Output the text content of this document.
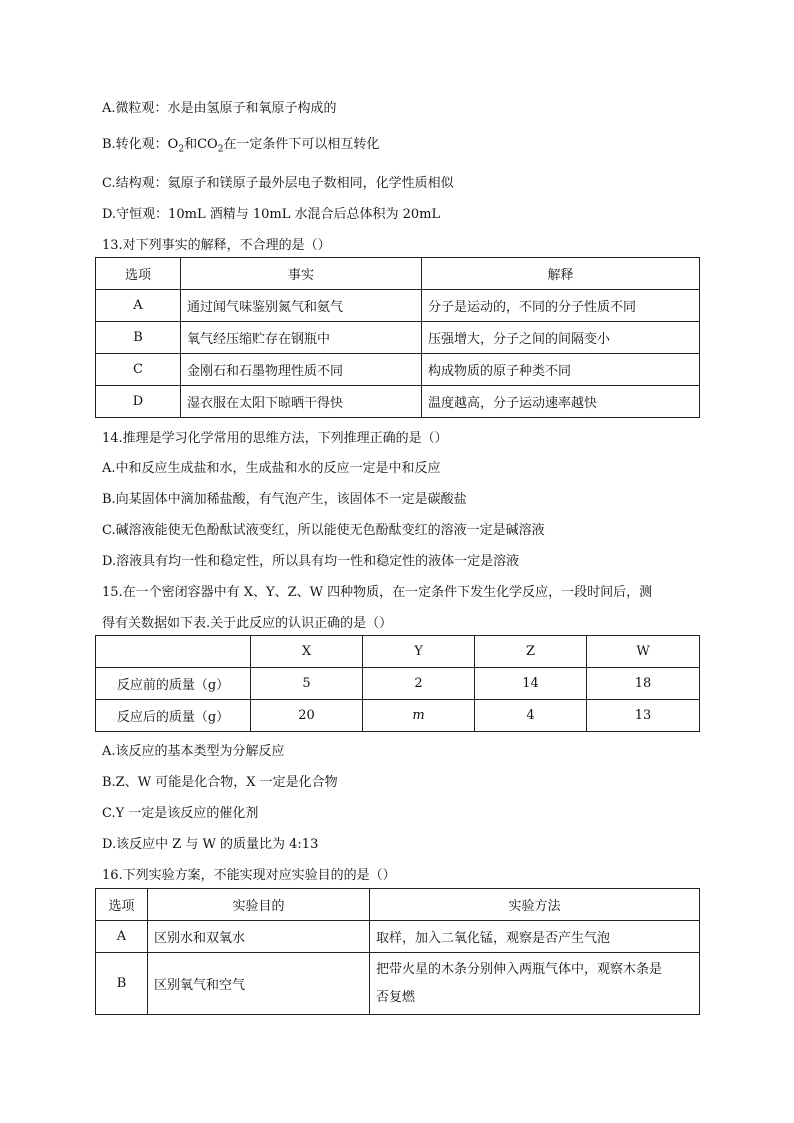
A.微粒观：水是由氢原子和氧原子构成的
B.转化观：$O_2$和$CO_2$在一定条件下可以相互转化
C.结构观：氦原子和镁原子最外层电子数相同，化学性质相似
D.守恒观：10mL 酒精与 10mL 水混合后总体积为 20mL
13.对下列事实的解释，不合理的是（）
选项	事实	解释
A	通过闻气味鉴别氮气和氨气	分子是运动的，不同的分子性质不同
B	氧气经压缩贮存在钢瓶中	压强增大，分子之间的间隔变小
C	金刚石和石墨物理性质不同	构成物质的原子种类不同
D	湿衣服在太阳下晾晒干得快	温度越高，分子运动速率越快
14.推理是学习化学常用的思维方法，下列推理正确的是（）
A.中和反应生成盐和水，生成盐和水的反应一定是中和反应
B.向某固体中滴加稀盐酸，有气泡产生，该固体不一定是碳酸盐
C.碱溶液能使无色酚酞试液变红，所以能使无色酚酞变红的溶液一定是碱溶液
D.溶液具有均一性和稳定性，所以具有均一性和稳定性的液体一定是溶液
15.在一个密闭容器中有 X、Y、Z、W 四种物质，在一定条件下发生化学反应，一段时间后，测
得有关数据如下表.关于此反应的认识正确的是（）
	X	Y	Z	W
反应前的质量（g）	5	2	14	18
反应后的质量（g）	20	m	4	13
A.该反应的基本类型为分解反应
B.Z、W 可能是化合物，X 一定是化合物
C.Y 一定是该反应的催化剂
D.该反应中 Z 与 W 的质量比为 4:13
16.下列实验方案，不能实现对应实验目的的是（）
选项	实验目的	实验方法
A	区别水和双氧水	取样，加入二氧化锰，观察是否产生气泡
B	区别氧气和空气	把带火星的木条分别伸入两瓶气体中，观察木条是
否复燃
